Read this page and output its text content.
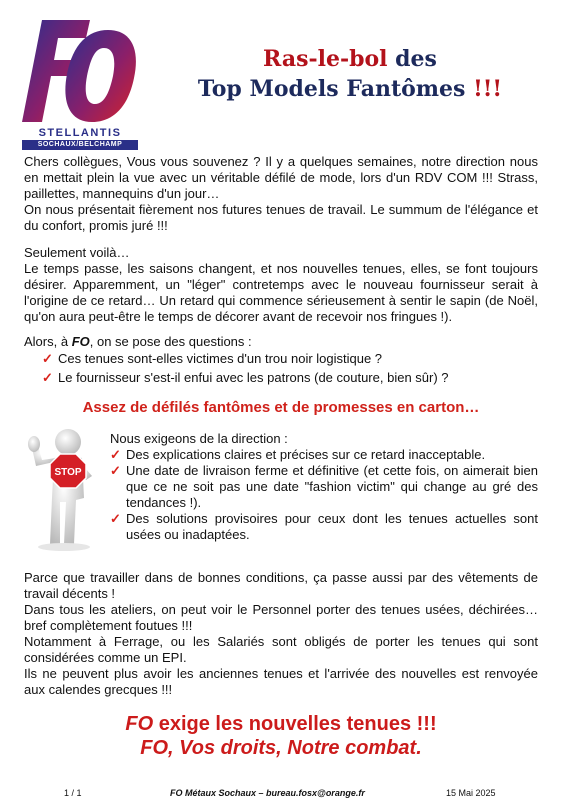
STELLANTIS
SOCHAUX/BELCHAMP
Ras-le-bol des
Top Models Fantômes !!!
Chers collègues, Vous vous souvenez ? Il y a quelques semaines, notre direction nous en mettait plein la vue avec un véritable défilé de mode, lors d'un RDV COM !!! Strass, paillettes, mannequins d'un jour…
On nous présentait fièrement nos futures tenues de travail. Le summum de l'élégance et du confort, promis juré !!!
Seulement voilà…
Le temps passe, les saisons changent, et nos nouvelles tenues, elles, se font toujours désirer. Apparemment, un "léger" contretemps avec le nouveau fournisseur serait à l'origine de ce retard… Un retard qui commence sérieusement à sentir le sapin (de Noël, qu'on aura peut-être le temps de décorer avant de recevoir nos fringues !).
Alors, à FO, on se pose des questions :
✓ Ces tenues sont-elles victimes d'un trou noir logistique ?
✓ Le fournisseur s'est-il enfui avec les patrons (de couture, bien sûr) ?
Assez de défilés fantômes et de promesses en carton…
STOP
Nous exigeons de la direction :
✓ Des explications claires et précises sur ce retard inacceptable.
✓ Une date de livraison ferme et définitive (et cette fois, on aimerait bien que ce ne soit pas une date "fashion victim" qui change au gré des tendances !).
✓ Des solutions provisoires pour ceux dont les tenues actuelles sont usées ou inadaptées.
Parce que travailler dans de bonnes conditions, ça passe aussi par des vêtements de travail décents !
Dans tous les ateliers, on peut voir le Personnel porter des tenues usées, déchirées… bref complètement foutues !!!
Notamment à Ferrage, ou les Salariés sont obligés de porter les tenues qui sont considérées comme un EPI.
Ils ne peuvent plus avoir les anciennes tenues et l'arrivée des nouvelles est renvoyée aux calendes grecques !!!
FO exige les nouvelles tenues !!!
FO, Vos droits, Notre combat.
1 / 1	FO Métaux Sochaux – bureau.fosx@orange.fr	15 Mai 2025
